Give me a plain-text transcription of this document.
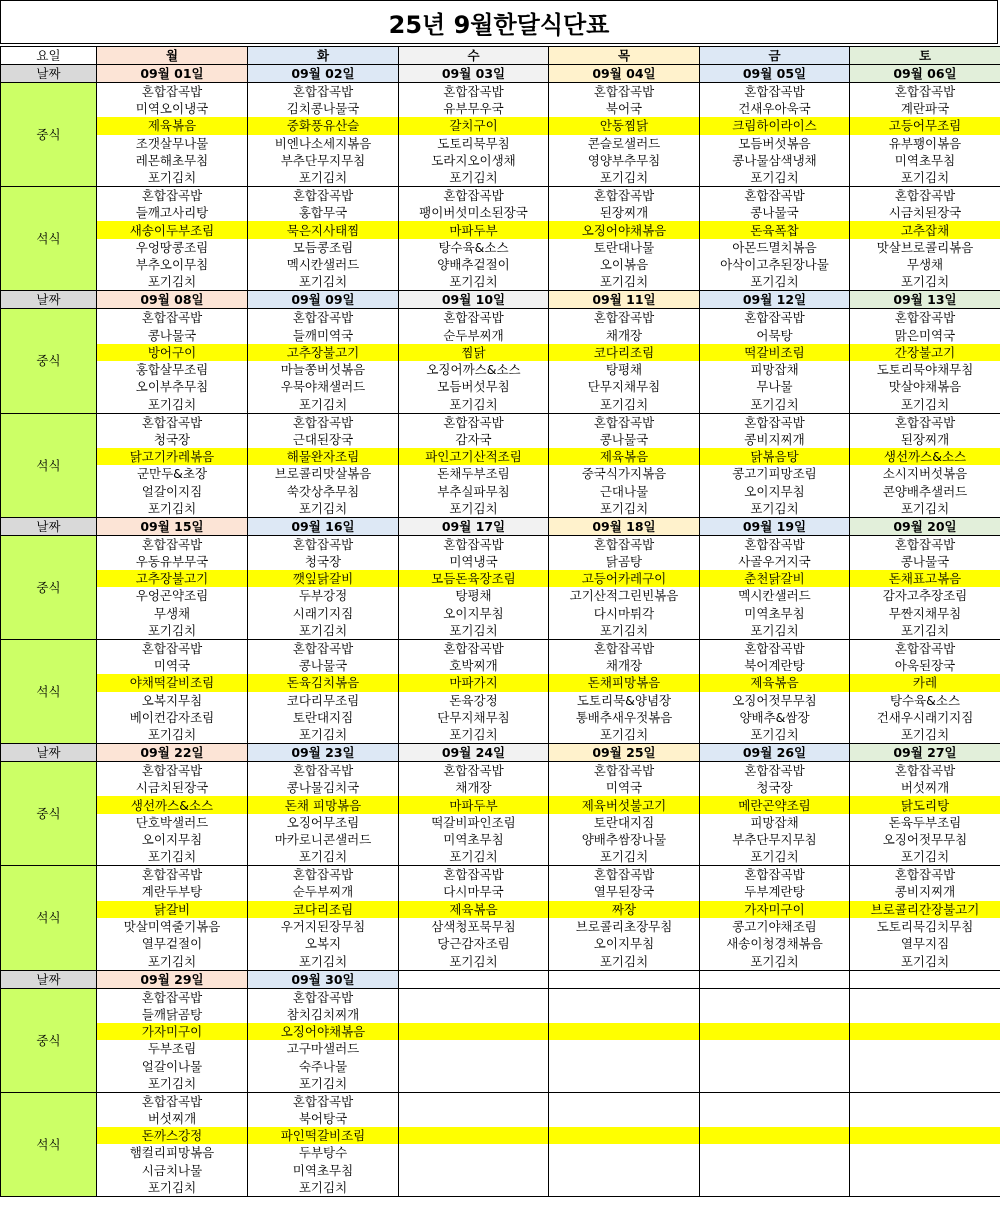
25년 9월한달식단표
요일	월	화	수	목	금	토
날짜	09월 01일	09월 02일	09월 03일	09월 04일	09월 05일	09월 06일
중식	혼합잡곡밥	혼합잡곡밥	혼합잡곡밥	혼합잡곡밥	혼합잡곡밥	혼합잡곡밥
	미역오이냉국	김치콩나물국	유부무우국	북어국	건새우아욱국	계란파국
	제육볶음	중화풍유산슬	갈치구이	안동찜닭	크림하이라이스	고등어무조림
	조갯살무나물	비엔나소세지볶음	도토리묵무침	콘슬로샐러드	모듬버섯볶음	유부꽹이볶음
	레몬해초무침	부추단무지무침	도라지오이생채	영양부추무침	콩나물삼색냉채	미역초무침
	포기김치	포기김치	포기김치	포기김치	포기김치	포기김치
석식	혼합잡곡밥	혼합잡곡밥	혼합잡곡밥	혼합잡곡밥	혼합잡곡밥	혼합잡곡밥
	들깨고사리탕	홍합무국	팽이버섯미소된장국	된장찌개	콩나물국	시금치된장국
	새송이두부조림	묵은지사태찜	마파두부	오징어야채볶음	돈육폭찹	고추잡채
	우엉땅콩조림	모듬콩조림	탕수육&소스	토란대나물	아몬드멸치볶음	맛살브로콜리볶음
	부추오이무침	멕시칸샐러드	양배추겉절이	오이볶음	아삭이고추된장나물	무생채
	포기김치	포기김치	포기김치	포기김치	포기김치	포기김치
날짜	09월 08일	09월 09일	09월 10일	09월 11일	09월 12일	09월 13일
중식	혼합잡곡밥	혼합잡곡밥	혼합잡곡밥	혼합잡곡밥	혼합잡곡밥	혼합잡곡밥
	콩나물국	들깨미역국	순두부찌개	채개장	어묵탕	맑은미역국
	방어구이	고추장불고기	찜닭	코다리조림	떡갈비조림	간장불고기
	홍합살무조림	마늘쫑버섯볶음	오징어까스&소스	탕평채	피망잡채	도토리묵야채무침
	오이부추무침	우묵야채샐러드	모듬버섯무침	단무지채무침	무나물	맛살야채볶음
	포기김치	포기김치	포기김치	포기김치	포기김치	포기김치
석식	혼합잡곡밥	혼합잡곡밥	혼합잡곡밥	혼합잡곡밥	혼합잡곡밥	혼합잡곡밥
	청국장	근대된장국	감자국	콩나물국	콩비지찌개	된장찌개
	닭고기카레볶음	해물완자조림	파인고기산적조림	제육볶음	닭볶음탕	생선까스&소스
	군만두&초장	브로콜리맛살볶음	돈채두부조림	중국식가지볶음	콩고기피망조림	소시지버섯볶음
	얼갈이지짐	쑥갓상추무침	부추실파무침	근대나물	오이지무침	콘양배추샐러드
	포기김치	포기김치	포기김치	포기김치	포기김치	포기김치
날짜	09월 15일	09월 16일	09월 17일	09월 18일	09월 19일	09월 20일
중식	혼합잡곡밥	혼합잡곡밥	혼합잡곡밥	혼합잡곡밥	혼합잡곡밥	혼합잡곡밥
	우동유부무국	청국장	미역냉국	닭곰탕	사골우거지국	콩나물국
	고추장불고기	깻잎닭갈비	모듬돈육장조림	고등어카레구이	춘천닭갈비	돈채표고볶음
	우엉곤약조림	두부강정	탕평채	고기산적그린빈볶음	멕시칸샐러드	감자고추장조림
	무생채	시래기지짐	오이지무침	다시마튀각	미역초무침	무짠지채무침
	포기김치	포기김치	포기김치	포기김치	포기김치	포기김치
석식	혼합잡곡밥	혼합잡곡밥	혼합잡곡밥	혼합잡곡밥	혼합잡곡밥	혼합잡곡밥
	미역국	콩나물국	호박찌개	채개장	북어계란탕	아욱된장국
	야채떡갈비조림	돈육김치볶음	마파가지	돈채피망볶음	제육볶음	카레
	오복지무침	코다리무조림	돈육강정	도토리묵&양념장	오징어젓무무침	탕수육&소스
	베이컨감자조림	토란대지짐	단무지채무침	통배추새우젓볶음	양배추&쌈장	건새우시래기지짐
	포기김치	포기김치	포기김치	포기김치	포기김치	포기김치
날짜	09월 22일	09월 23일	09월 24일	09월 25일	09월 26일	09월 27일
중식	혼합잡곡밥	혼합잡곡밥	혼합잡곡밥	혼합잡곡밥	혼합잡곡밥	혼합잡곡밥
	시금치된장국	콩나물김치국	채개장	미역국	청국장	버섯찌개
	생선까스&소스	돈채 피망볶음	마파두부	제육버섯불고기	메란곤약조림	닭도리탕
	단호박샐러드	오징어무조림	떡갈비파인조림	토란대지짐	피망잡채	돈육두부조림
	오이지무침	마카로니콘샐러드	미역초무침	양배추쌈장나물	부추단무지무침	오징어젓무무침
	포기김치	포기김치	포기김치	포기김치	포기김치	포기김치
석식	혼합잡곡밥	혼합잡곡밥	혼합잡곡밥	혼합잡곡밥	혼합잡곡밥	혼합잡곡밥
	계란두부탕	순두부찌개	다시마무국	열무된장국	두부계란탕	콩비지찌개
	닭갈비	코다리조림	제육볶음	짜장	가자미구이	브로콜리간장불고기
	맛살미역줄기볶음	우거지된장무침	삼색청포묵무침	브로콜리초장무침	콩고기야채조림	도토리묵김치무침
	열무겉절이	오복지	당근감자조림	오이지무침	새송이청경채볶음	열무지짐
	포기김치	포기김치	포기김치	포기김치	포기김치	포기김치
날짜	09월 29일	09월 30일				
중식	혼합잡곡밥	혼합잡곡밥				
	들깨닭곰탕	참치김치찌개				
	가자미구이	오징어야채볶음				
	두부조림	고구마샐러드				
	얼갈이나물	숙주나물				
	포기김치	포기김치				
석식	혼합잡곡밥	혼합잡곡밥				
	버섯찌개	북어탕국				
	돈까스강정	파인떡갈비조림				
	햄컬리피망볶음	두부탕수				
	시금치나물	미역초무침				
	포기김치	포기김치				
